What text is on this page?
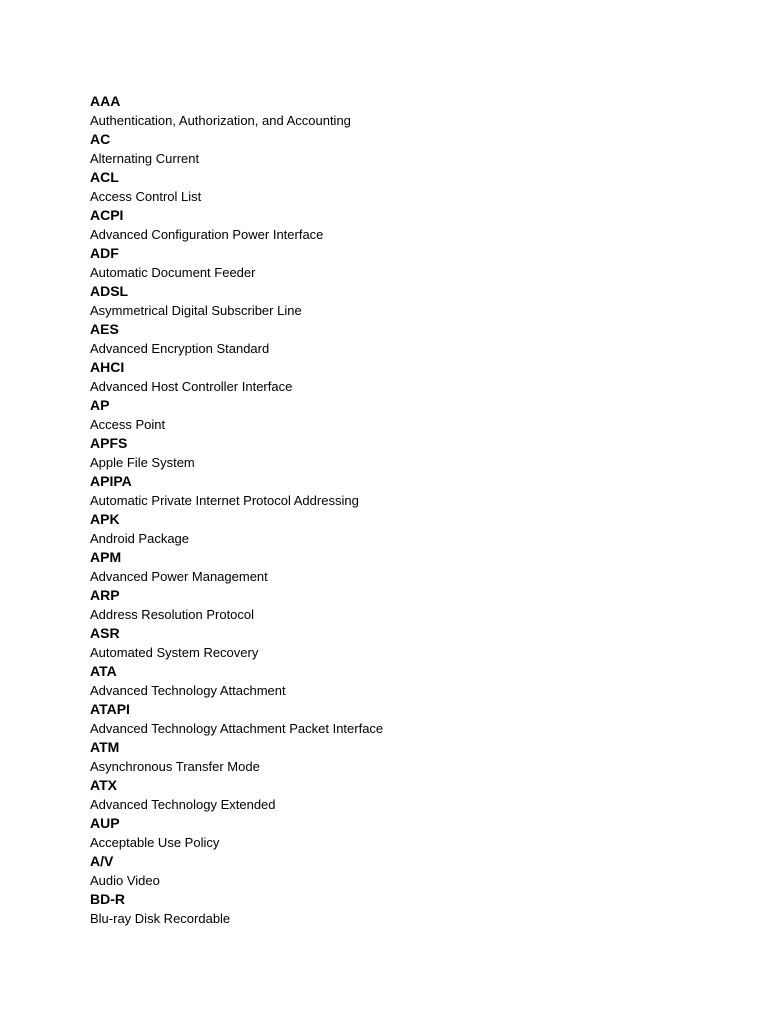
AAA
Authentication, Authorization, and Accounting
AC
Alternating Current
ACL
Access Control List
ACPI
Advanced Configuration Power Interface
ADF
Automatic Document Feeder
ADSL
Asymmetrical Digital Subscriber Line
AES
Advanced Encryption Standard
AHCI
Advanced Host Controller Interface
AP
Access Point
APFS
Apple File System
APIPA
Automatic Private Internet Protocol Addressing
APK
Android Package
APM
Advanced Power Management
ARP
Address Resolution Protocol
ASR
Automated System Recovery
ATA
Advanced Technology Attachment
ATAPI
Advanced Technology Attachment Packet Interface
ATM
Asynchronous Transfer Mode
ATX
Advanced Technology Extended
AUP
Acceptable Use Policy
A/V
Audio Video
BD-R
Blu-ray Disk Recordable
